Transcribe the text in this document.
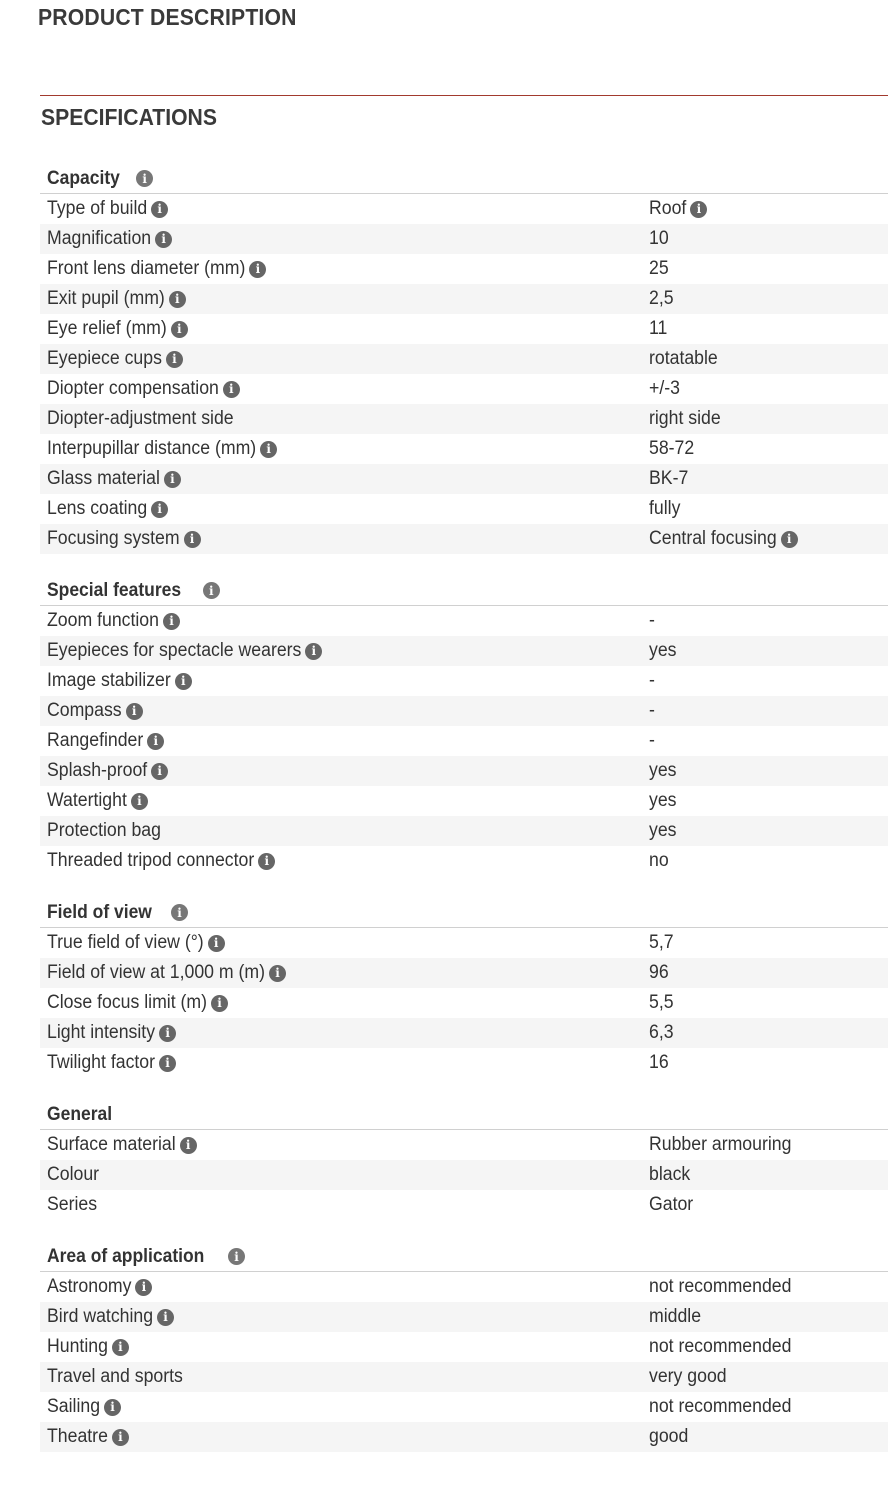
PRODUCT DESCRIPTION
SPECIFICATIONS
Capacity	i
Type of build i	Roof i
Magnification i	10
Front lens diameter (mm) i	25
Exit pupil (mm) i	2,5
Eye relief (mm) i	11
Eyepiece cups i	rotatable
Diopter compensation i	+/-3
Diopter-adjustment side	right side
Interpupillar distance (mm) i	58-72
Glass material i	BK-7
Lens coating i	fully
Focusing system i	Central focusing i
Special features	i
Zoom function i	-
Eyepieces for spectacle wearers i	yes
Image stabilizer i	-
Compass i	-
Rangefinder i	-
Splash-proof i	yes
Watertight i	yes
Protection bag	yes
Threaded tripod connector i	no
Field of view	i
True field of view (°) i	5,7
Field of view at 1,000 m (m) i	96
Close focus limit (m) i	5,5
Light intensity i	6,3
Twilight factor i	16
General
Surface material i	Rubber armouring
Colour	black
Series	Gator
Area of application	i
Astronomy i	not recommended
Bird watching i	middle
Hunting i	not recommended
Travel and sports	very good
Sailing i	not recommended
Theatre i	good
